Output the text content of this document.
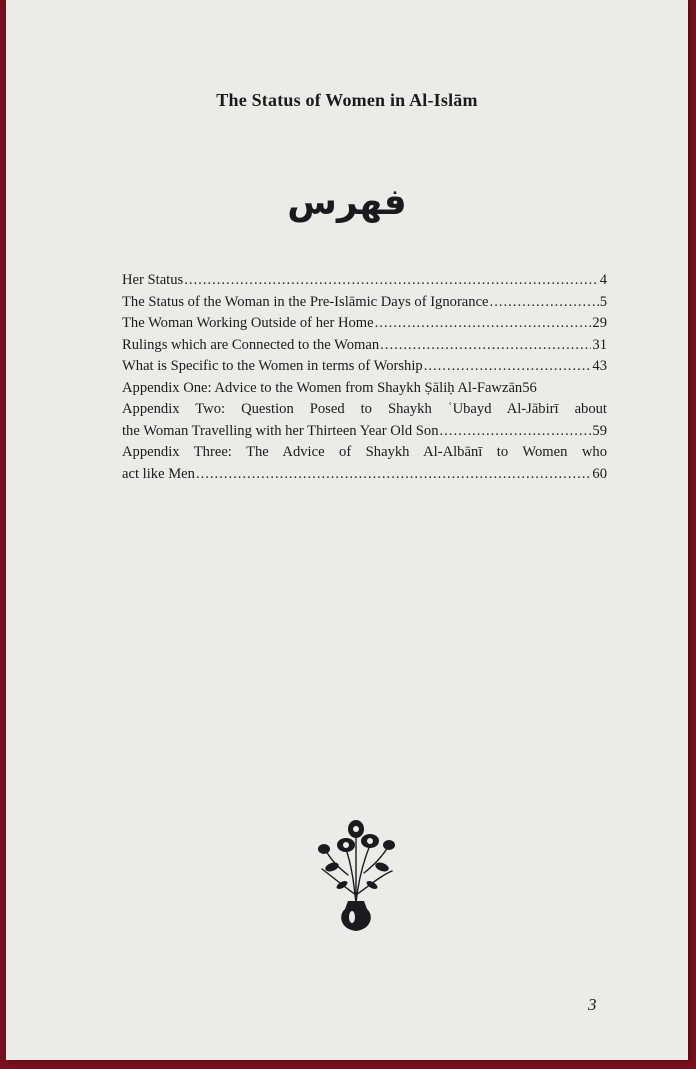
The Status of Women in Al-Islām
فهرس
Her Status .....	4
The Status of the Woman in the Pre-Islāmic Days of Ignorance .....	5
The Woman Working Outside of her Home .....	29
Rulings which are Connected to the Woman .....	31
What is Specific to the Women in terms of Worship .....	43
Appendix One: Advice to the Women from Shaykh Ṣāliḥ Al-Fawzān 56
Appendix Two: Question Posed to Shaykh ʿUbayd Al-Jābirī about
the Woman Travelling with her Thirteen Year Old Son .....	59
Appendix Three: The Advice of Shaykh Al-Albānī to Women who
act like Men .....	60
3
